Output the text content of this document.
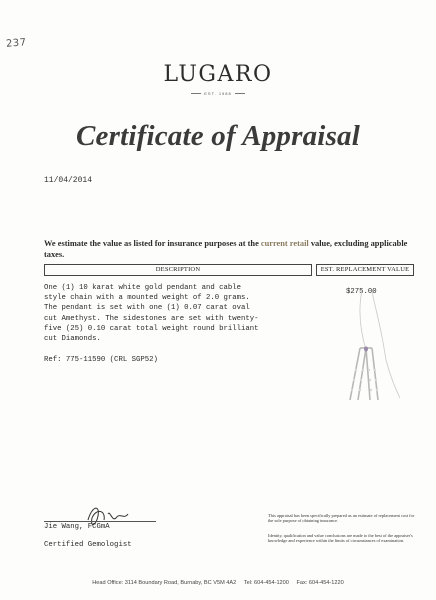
237
LUGARO
EST. 1988
Certificate of Appraisal
11/04/2014
We estimate the value as listed for insurance purposes at the current retail value, excluding applicable taxes.
DESCRIPTION	EST. REPLACEMENT VALUE
One (1) 10 karat white gold pendant and cable
style chain with a mounted weight of 2.0 grams.
The pendant is set with one (1) 0.07 carat oval
cut Amethyst. The sidestones are set with twenty-
five (25) 0.10 carat total weight round brilliant
cut Diamonds.
Ref: 775-11590 (CRL SGP52)
$275.00
Jie Wang, FCGmA
Certified Gemologist
This appraisal has been specifically prepared as an estimate of replacement cost for the sole purpose of obtaining insurance.
Identity, qualification and value conclusions are made to the best of the appraiser's knowledge and experience within the limits of circumstances of examination.
Head Office: 3114 Boundary Road, Burnaby, BC V5M 4A2 Tel: 604-454-1200 Fax: 604-454-1220
